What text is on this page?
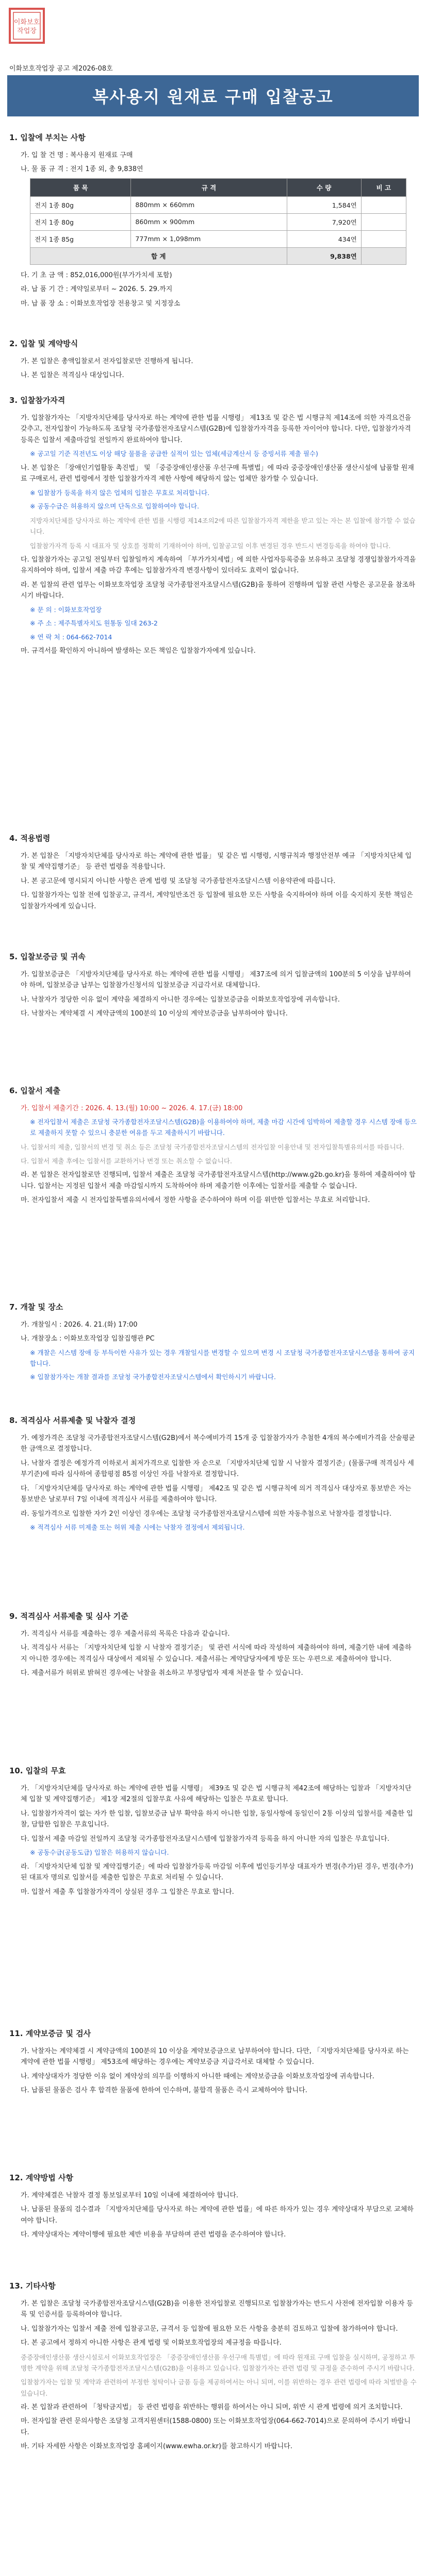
이화보호
작업장
이화보호작업장 공고 제2026-08호
복사용지 원재료 구매 입찰공고
1. 입찰에 부치는 사항
가. 입 찰 건 명 : 복사용지 원재료 구매
나. 물 품 규 격 : 전지 1종 외, 총 9,838연
품 목	규 격	수 량	비 고
전지 1종 80g	880mm × 660mm	1,584연	
전지 1종 80g	860mm × 900mm	7,920연	
전지 1종 85g	777mm × 1,098mm	434연	
합 계		9,838연	
다. 기 초 금 액 : 852,016,000원(부가가치세 포함)
라. 납 품 기 간 : 계약일로부터 ~ 2026. 5. 29.까지
마. 납 품 장 소 : 이화보호작업장 전용창고 및 지정장소
2. 입찰 및 계약방식
가. 본 입찰은 총액입찰로서 전자입찰로만 진행하게 됩니다.
나. 본 입찰은 적격심사 대상입니다.
3. 입찰참가자격
가. 입찰참가자는 「지방자치단체를 당사자로 하는 계약에 관한 법률 시행령」 제13조 및 같은 법 시행규칙 제14조에 의한 자격요건을 갖추고, 전자입찰이 가능하도록 조달청 국가종합전자조달시스템(G2B)에 입찰참가자격을 등록한 자이어야 합니다. 다만, 입찰참가자격 등록은 입찰서 제출마감일 전일까지 완료하여야 합니다.
※ 공고일 기준 직전년도 이상 해당 물품을 공급한 실적이 있는 업체(세금계산서 등 증빙서류 제출 필수)
나. 본 입찰은 「장애인기업활동 촉진법」 및 「중증장애인생산품 우선구매 특별법」에 따라 중증장애인생산품 생산시설에 납품할 원재료 구매로서, 관련 법령에서 정한 입찰참가자격 제한 사항에 해당하지 않는 업체만 참가할 수 있습니다.
※ 입찰참가 등록을 하지 않은 업체의 입찰은 무효로 처리합니다.
※ 공동수급은 허용하지 않으며 단독으로 입찰하여야 합니다.
지방자치단체를 당사자로 하는 계약에 관한 법률 시행령 제14조의2에 따른 입찰참가자격 제한을 받고 있는 자는 본 입찰에 참가할 수 없습니다.
입찰참가자격 등록 시 대표자 및 상호를 정확히 기재하여야 하며, 입찰공고일 이후 변경된 경우 반드시 변경등록을 하여야 합니다.
다. 입찰참가자는 공고일 전일부터 입찰일까지 계속하여 「부가가치세법」에 의한 사업자등록증을 보유하고 조달청 경쟁입찰참가자격을 유지하여야 하며, 입찰서 제출 마감 후에는 입찰참가자격 변경사항이 있더라도 효력이 없습니다.
라. 본 입찰의 관련 업무는 이화보호작업장 조달청 국가종합전자조달시스템(G2B)을 통하여 진행하며 입찰 관련 사항은 공고문을 참조하시기 바랍니다.
※ 문 의 : 이화보호작업장
※ 주 소 : 제주특별자치도 원통동 일대 263-2
※ 연 락 처 : 064-662-7014
마. 규격서를 확인하지 아니하여 발생하는 모든 책임은 입찰참가자에게 있습니다.
4. 적용법령
가. 본 입찰은 「지방자치단체를 당사자로 하는 계약에 관한 법률」 및 같은 법 시행령, 시행규칙과 행정안전부 예규 「지방자치단체 입찰 및 계약집행기준」 등 관련 법령을 적용합니다.
나. 본 공고문에 명시되지 아니한 사항은 관계 법령 및 조달청 국가종합전자조달시스템 이용약관에 따릅니다.
다. 입찰참가자는 입찰 전에 입찰공고, 규격서, 계약일반조건 등 입찰에 필요한 모든 사항을 숙지하여야 하며 이를 숙지하지 못한 책임은 입찰참가자에게 있습니다.
5. 입찰보증금 및 귀속
가. 입찰보증금은 「지방자치단체를 당사자로 하는 계약에 관한 법률 시행령」 제37조에 의거 입찰금액의 100분의 5 이상을 납부하여야 하며, 입찰보증금 납부는 입찰참가신청서의 입찰보증금 지급각서로 대체합니다.
나. 낙찰자가 정당한 이유 없이 계약을 체결하지 아니한 경우에는 입찰보증금을 이화보호작업장에 귀속합니다.
다. 낙찰자는 계약체결 시 계약금액의 100분의 10 이상의 계약보증금을 납부하여야 합니다.
6. 입찰서 제출
가. 입찰서 제출기간 : 2026. 4. 13.(월) 10:00 ~ 2026. 4. 17.(금) 18:00
※ 전자입찰서 제출은 조달청 국가종합전자조달시스템(G2B)을 이용하여야 하며, 제출 마감 시간에 임박하여 제출할 경우 시스템 장애 등으로 제출하지 못할 수 있으니 충분한 여유를 두고 제출하시기 바랍니다.
나. 입찰서의 제출, 입찰서의 변경 및 취소 등은 조달청 국가종합전자조달시스템의 전자입찰 이용안내 및 전자입찰특별유의서를 따릅니다.
다. 입찰서 제출 후에는 입찰서를 교환하거나 변경 또는 취소할 수 없습니다.
라. 본 입찰은 전자입찰로만 진행되며, 입찰서 제출은 조달청 국가종합전자조달시스템(http://www.g2b.go.kr)을 통하여 제출하여야 합니다. 입찰서는 지정된 입찰서 제출 마감일시까지 도착하여야 하며 제출기한 이후에는 입찰서를 제출할 수 없습니다.
마. 전자입찰서 제출 시 전자입찰특별유의서에서 정한 사항을 준수하여야 하며 이를 위반한 입찰서는 무효로 처리합니다.
7. 개찰 및 장소
가. 개찰일시 : 2026. 4. 21.(화) 17:00
나. 개찰장소 : 이화보호작업장 입찰집행관 PC
※ 개찰은 시스템 장애 등 부득이한 사유가 있는 경우 개찰일시를 변경할 수 있으며 변경 시 조달청 국가종합전자조달시스템을 통하여 공지합니다.
※ 입찰참가자는 개찰 결과를 조달청 국가종합전자조달시스템에서 확인하시기 바랍니다.
8. 적격심사 서류제출 및 낙찰자 결정
가. 예정가격은 조달청 국가종합전자조달시스템(G2B)에서 복수예비가격 15개 중 입찰참가자가 추첨한 4개의 복수예비가격을 산술평균한 금액으로 결정합니다.
나. 낙찰자 결정은 예정가격 이하로서 최저가격으로 입찰한 자 순으로 「지방자치단체 입찰 시 낙찰자 결정기준」(물품구매 적격심사 세부기준)에 따라 심사하여 종합평점 85점 이상인 자를 낙찰자로 결정합니다.
다. 「지방자치단체를 당사자로 하는 계약에 관한 법률 시행령」 제42조 및 같은 법 시행규칙에 의거 적격심사 대상자로 통보받은 자는 통보받은 날로부터 7일 이내에 적격심사 서류를 제출하여야 합니다.
라. 동일가격으로 입찰한 자가 2인 이상인 경우에는 조달청 국가종합전자조달시스템에 의한 자동추첨으로 낙찰자를 결정합니다.
※ 적격심사 서류 미제출 또는 허위 제출 시에는 낙찰자 결정에서 제외됩니다.
9. 적격심사 서류제출 및 심사 기준
가. 적격심사 서류를 제출하는 경우 제출서류의 목록은 다음과 같습니다.
나. 적격심사 서류는 「지방자치단체 입찰 시 낙찰자 결정기준」 및 관련 서식에 따라 작성하여 제출하여야 하며, 제출기한 내에 제출하지 아니한 경우에는 적격심사 대상에서 제외될 수 있습니다. 제출서류는 계약담당자에게 방문 또는 우편으로 제출하여야 합니다.
다. 제출서류가 허위로 밝혀진 경우에는 낙찰을 취소하고 부정당업자 제재 처분을 할 수 있습니다.
10. 입찰의 무효
가. 「지방자치단체를 당사자로 하는 계약에 관한 법률 시행령」 제39조 및 같은 법 시행규칙 제42조에 해당하는 입찰과 「지방자치단체 입찰 및 계약집행기준」 제1장 제2절의 입찰무효 사유에 해당하는 입찰은 무효로 합니다.
나. 입찰참가자격이 없는 자가 한 입찰, 입찰보증금 납부 확약을 하지 아니한 입찰, 동일사항에 동일인이 2통 이상의 입찰서를 제출한 입찰, 담합한 입찰은 무효입니다.
다. 입찰서 제출 마감일 전일까지 조달청 국가종합전자조달시스템에 입찰참가자격 등록을 하지 아니한 자의 입찰은 무효입니다.
※ 공동수급(공동도급) 입찰은 허용하지 않습니다.
라. 「지방자치단체 입찰 및 계약집행기준」에 따라 입찰참가등록 마감일 이후에 법인등기부상 대표자가 변경(추가)된 경우, 변경(추가)된 대표자 명의로 입찰서를 제출한 입찰은 무효로 처리될 수 있습니다.
마. 입찰서 제출 후 입찰참가자격이 상실된 경우 그 입찰은 무효로 합니다.
11. 계약보증금 및 검사
가. 낙찰자는 계약체결 시 계약금액의 100분의 10 이상을 계약보증금으로 납부하여야 합니다. 다만, 「지방자치단체를 당사자로 하는 계약에 관한 법률 시행령」 제53조에 해당하는 경우에는 계약보증금 지급각서로 대체할 수 있습니다.
나. 계약상대자가 정당한 이유 없이 계약상의 의무를 이행하지 아니한 때에는 계약보증금을 이화보호작업장에 귀속합니다.
다. 납품된 물품은 검사 후 합격한 물품에 한하여 인수하며, 불합격 물품은 즉시 교체하여야 합니다.
12. 계약방법 사항
가. 계약체결은 낙찰자 결정 통보일로부터 10일 이내에 체결하여야 합니다.
나. 납품된 물품의 검수결과 「지방자치단체를 당사자로 하는 계약에 관한 법률」에 따른 하자가 있는 경우 계약상대자 부담으로 교체하여야 합니다.
다. 계약상대자는 계약이행에 필요한 제반 비용을 부담하며 관련 법령을 준수하여야 합니다.
13. 기타사항
가. 본 입찰은 조달청 국가종합전자조달시스템(G2B)을 이용한 전자입찰로 진행되므로 입찰참가자는 반드시 사전에 전자입찰 이용자 등록 및 인증서를 등록하여야 합니다.
나. 입찰참가자는 입찰서 제출 전에 입찰공고문, 규격서 등 입찰에 필요한 모든 사항을 충분히 검토하고 입찰에 참가하여야 합니다.
다. 본 공고에서 정하지 아니한 사항은 관계 법령 및 이화보호작업장의 제규정을 따릅니다.
중증장애인생산품 생산시설로서 이화보호작업장은 「중증장애인생산품 우선구매 특별법」에 따라 원재료 구매 입찰을 실시하며, 공정하고 투명한 계약을 위해 조달청 국가종합전자조달시스템(G2B)을 이용하고 있습니다. 입찰참가자는 관련 법령 및 규정을 준수하여 주시기 바랍니다.
입찰참가자는 입찰 및 계약과 관련하여 부정한 청탁이나 금품 등을 제공하여서는 아니 되며, 이를 위반하는 경우 관련 법령에 따라 처벌받을 수 있습니다.
라. 본 입찰과 관련하여 「청탁금지법」 등 관련 법령을 위반하는 행위를 하여서는 아니 되며, 위반 시 관계 법령에 의거 조치합니다.
마. 전자입찰 관련 문의사항은 조달청 고객지원센터(1588-0800) 또는 이화보호작업장(064-662-7014)으로 문의하여 주시기 바랍니다.
바. 기타 자세한 사항은 이화보호작업장 홈페이지(www.ewha.or.kr)를 참고하시기 바랍니다.
